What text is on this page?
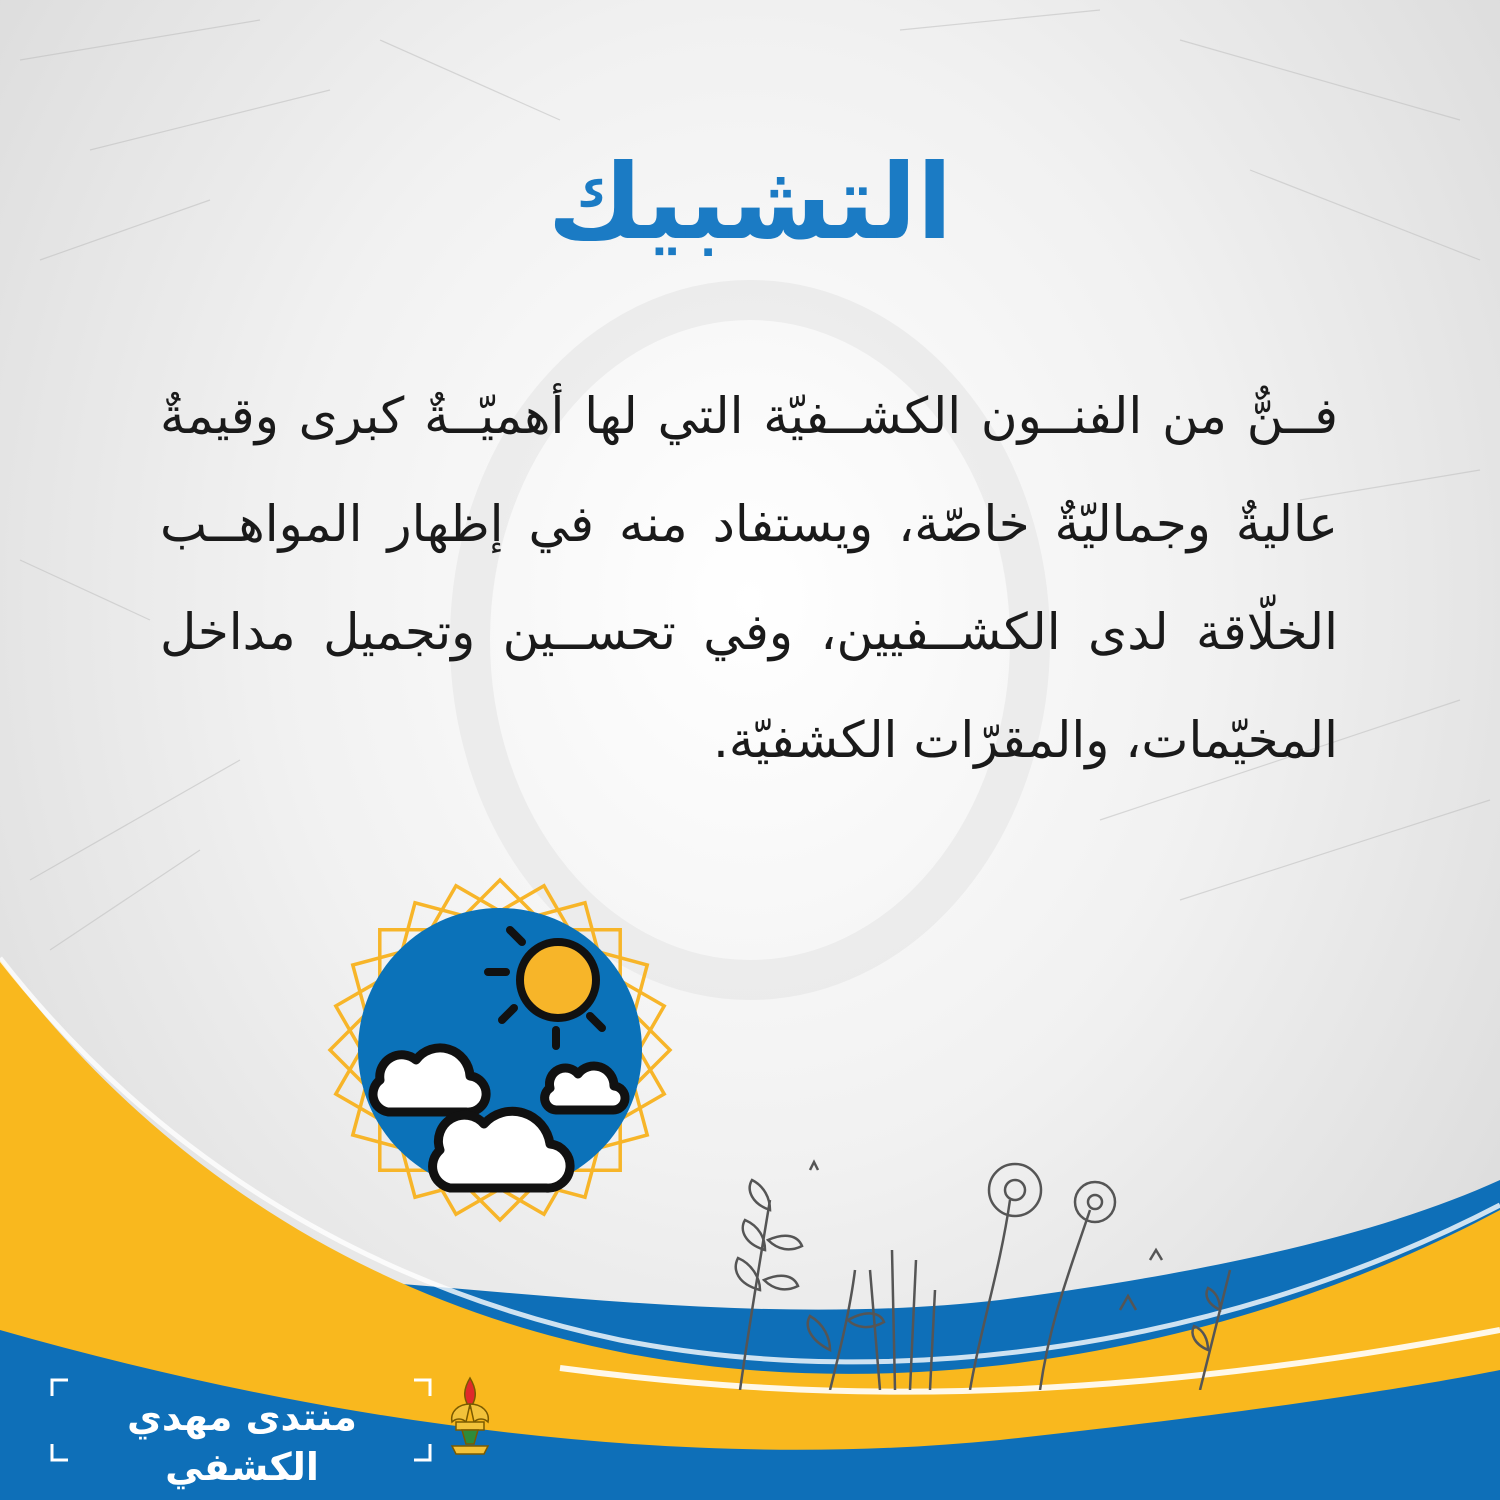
التشبيك

فــنٌّ من الفنــون الكشــفيّة التي لها أهميّــةٌ كبرى وقيمةٌ عاليةٌ وجماليّةٌ خاصّة، ويستفاد منه في إظهار المواهــب الخلّاقة لدى الكشــفيين، وفي تحســين وتجميل مداخل المخيّمات، والمقرّات الكشفيّة.

منتدى مهدي الكشفي
